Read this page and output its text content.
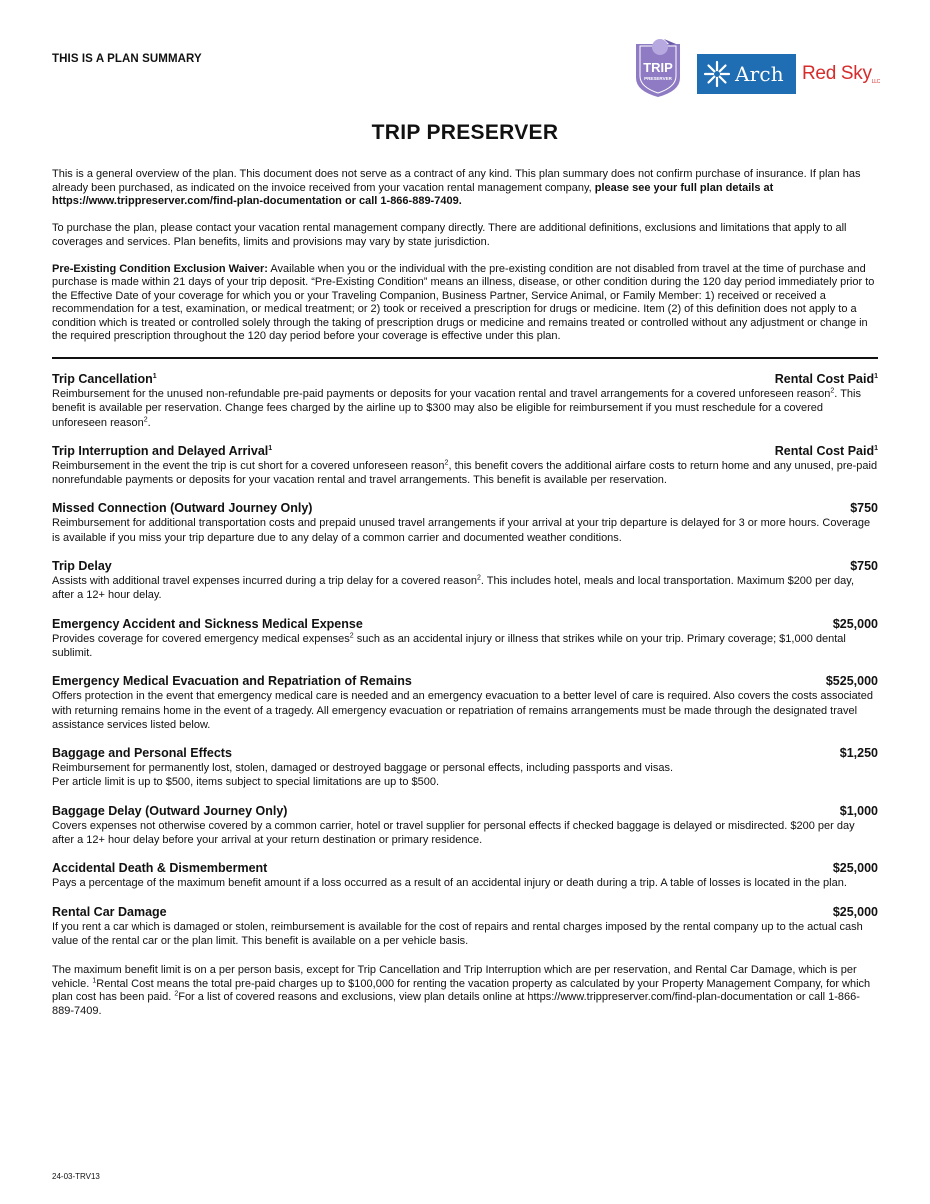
THIS IS A PLAN SUMMARY
TRIP
PRESERVER	Arch Red SkyLLC
TRIP PRESERVER

This is a general overview of the plan. This document does not serve as a contract of any kind. This plan summary does not confirm purchase of insurance. If plan has already been purchased, as indicated on the invoice received from your vacation rental management company, please see your full plan details at https://www.trippreserver.com/find-plan-documentation or call 1-866-889-7409.

To purchase the plan, please contact your vacation rental management company directly. There are additional definitions, exclusions and limitations that apply to all coverages and services. Plan benefits, limits and provisions may vary by state jurisdiction.

Pre-Existing Condition Exclusion Waiver: Available when you or the individual with the pre-existing condition are not disabled from travel at the time of purchase and purchase is made within 21 days of your trip deposit. “Pre-Existing Condition” means an illness, disease, or other condition during the 120 day period immediately prior to the Effective Date of your coverage for which you or your Traveling Companion, Business Partner, Service Animal, or Family Member: 1) received or received a recommendation for a test, examination, or medical treatment; or 2) took or received a prescription for drugs or medicine. Item (2) of this definition does not apply to a condition which is treated or controlled solely through the taking of prescription drugs or medicine and remains treated or controlled without any adjustment or change in the required prescription throughout the 120 day period before your coverage is effective under this plan.

Trip Cancellation$^1$	Rental Cost Paid$^1$
Reimbursement for the unused non-refundable pre-paid payments or deposits for your vacation rental and travel arrangements for a covered unforeseen reason$^2$. This benefit is available per reservation. Change fees charged by the airline up to $300 may also be eligible for reimbursement if you must reschedule for a covered unforeseen reason$^2$.
Trip Interruption and Delayed Arrival$^1$	Rental Cost Paid$^1$
Reimbursement in the event the trip is cut short for a covered unforeseen reason$^2$, this benefit covers the additional airfare costs to return home and any unused, pre-paid nonrefundable payments or deposits for your vacation rental and travel arrangements. This benefit is available per reservation.
Missed Connection (Outward Journey Only)	$750
Reimbursement for additional transportation costs and prepaid unused travel arrangements if your arrival at your trip departure is delayed for 3 or more hours. Coverage is available if you miss your trip departure due to any delay of a common carrier and documented weather conditions.
Trip Delay	$750
Assists with additional travel expenses incurred during a trip delay for a covered reason$^2$. This includes hotel, meals and local transportation. Maximum $200 per day, after a 12+ hour delay.
Emergency Accident and Sickness Medical Expense	$25,000
Provides coverage for covered emergency medical expenses$^2$ such as an accidental injury or illness that strikes while on your trip. Primary coverage; $1,000 dental sublimit.
Emergency Medical Evacuation and Repatriation of Remains	$525,000
Offers protection in the event that emergency medical care is needed and an emergency evacuation to a better level of care is required. Also covers the costs associated with returning remains home in the event of a tragedy. All emergency evacuation or repatriation of remains arrangements must be made through the designated travel assistance services listed below.
Baggage and Personal Effects	$1,250
Reimbursement for permanently lost, stolen, damaged or destroyed baggage or personal effects, including passports and visas.
Per article limit is up to $500, items subject to special limitations are up to $500.
Baggage Delay (Outward Journey Only)	$1,000
Covers expenses not otherwise covered by a common carrier, hotel or travel supplier for personal effects if checked baggage is delayed or misdirected. $200 per day after a 12+ hour delay before your arrival at your return destination or primary residence.
Accidental Death & Dismemberment	$25,000
Pays a percentage of the maximum benefit amount if a loss occurred as a result of an accidental injury or death during a trip. A table of losses is located in the plan.
Rental Car Damage	$25,000
If you rent a car which is damaged or stolen, reimbursement is available for the cost of repairs and rental charges imposed by the rental company up to the actual cash value of the rental car or the plan limit. This benefit is available on a per vehicle basis.
The maximum benefit limit is on a per person basis, except for Trip Cancellation and Trip Interruption which are per reservation, and Rental Car Damage, which is per vehicle. $^1$Rental Cost means the total pre-paid charges up to $100,000 for renting the vacation property as calculated by your Property Management Company, for which plan cost has been paid. $^2$For a list of covered reasons and exclusions, view plan details online at https://www.trippreserver.com/find-plan-documentation or call 1-866-889-7409.
24-03-TRV13
